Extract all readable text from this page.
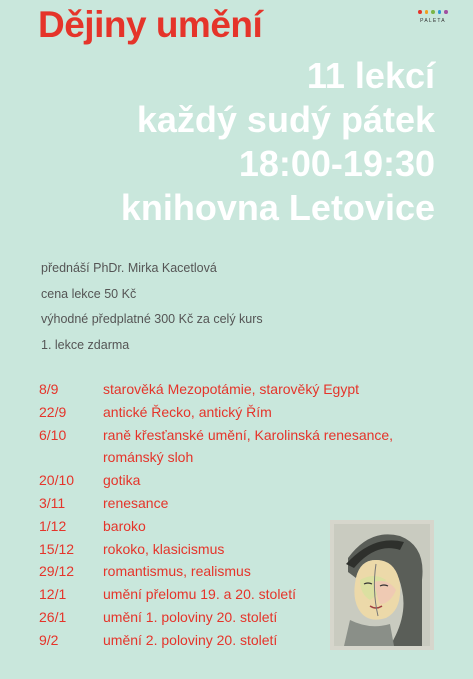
Dějiny umění	PALETA
11 lekcí
každý sudý pátek
18:00-19:30
knihovna Letovice
přednáší PhDr. Mirka Kacetlová
cena lekce 50 Kč
výhodné předplatné 300 Kč za celý kurs
1. lekce zdarma
8/9	starověká Mezopotámie, starověký Egypt
22/9	antické Řecko, antický Řím
6/10	raně křesťanské umění, Karolinská renesance, románský sloh
20/10	gotika
3/11	renesance
1/12	baroko
15/12	rokoko, klasicismus
29/12	romantismus, realismus
12/1	umění přelomu 19. a 20. století
26/1	umění 1. poloviny 20. století
9/2	umění 2. poloviny 20. století
